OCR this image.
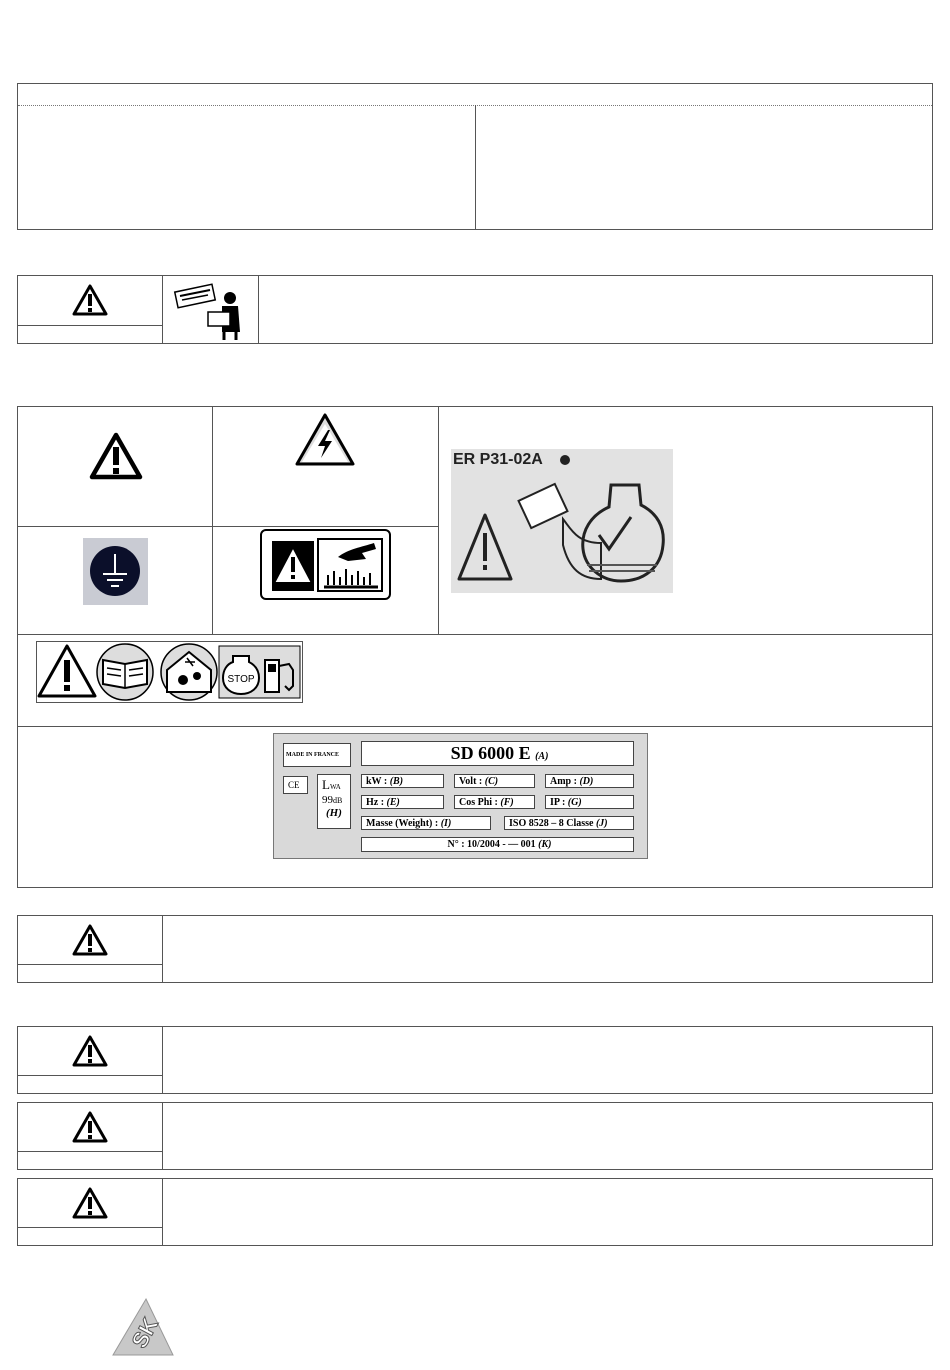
ER P31-02A
STOP
MADE IN FRANCE	SD 6000 E (A)
CE	LWA
99dB
(H)
kW : (B)	Volt : (C)	Amp : (D)
Hz : (E)	Cos Phi : (F)	IP : (G)
Masse (Weight) : (I)	ISO 8528 – 8 Classe (J)
N° : 10/2004 - — 001 (K)
SK
